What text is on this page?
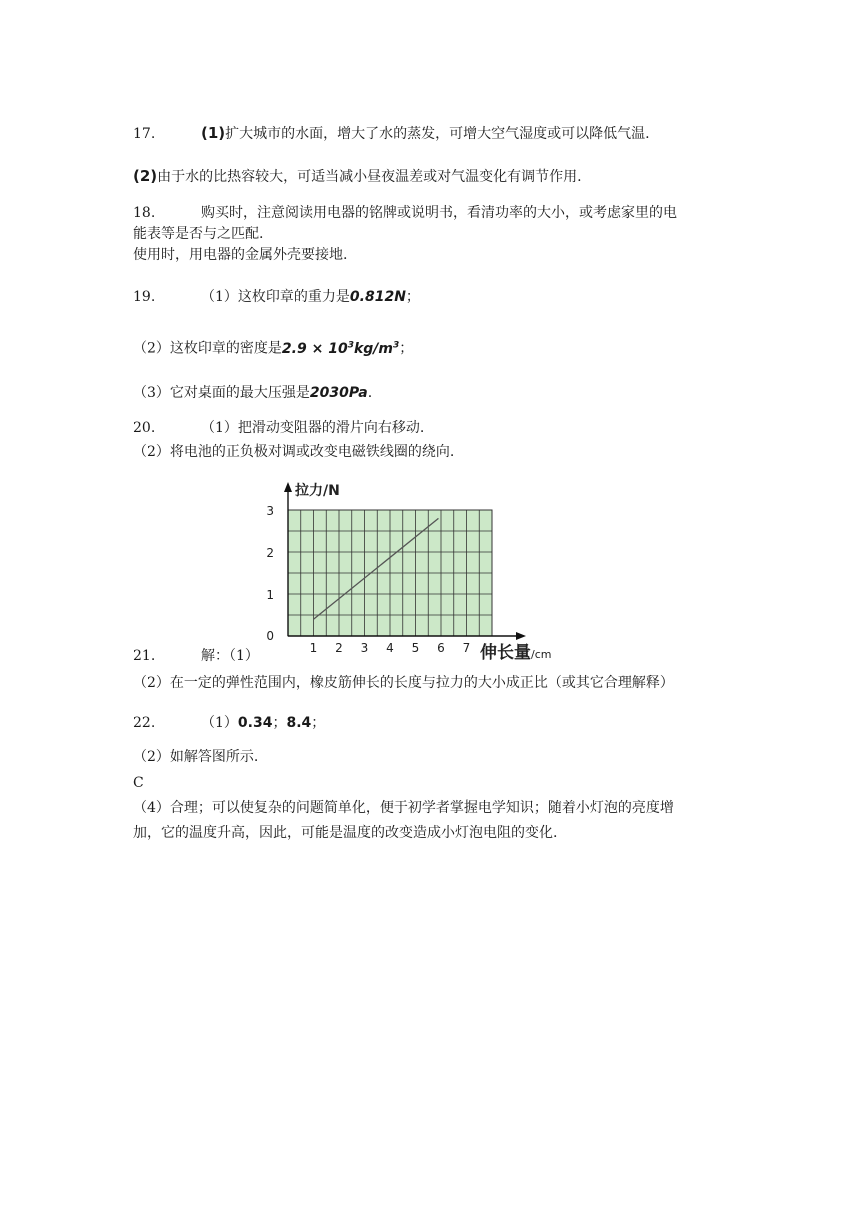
17.	(1)扩大城市的水面，增大了水的蒸发，可增大空气湿度或可以降低气温.
(2)由于水的比热容较大，可适当减小昼夜温差或对气温变化有调节作用.
18.	购买时，注意阅读用电器的铭牌或说明书，看清功率的大小，或考虑家里的电
能表等是否与之匹配.
使用时，用电器的金属外壳要接地.
19.	（1）这枚印章的重力是0.812N；
（2）这枚印章的密度是$2.9 \times 10^3kg/m^3$；
（3）它对桌面的最大压强是2030Pa.
20.	（1）把滑动变阻器的滑片向右移动.
（2）将电池的正负极对调或改变电磁铁线圈的绕向.
1 2 3 4 5 6 7
0
1
2
3
拉力/N
伸长量/cm
21.	解：（1）
（2）在一定的弹性范围内，橡皮筋伸长的长度与拉力的大小成正比（或其它合理解释）
22.	（1）0.34；8.4；
（2）如解答图所示.
C
（4）合理；可以使复杂的问题简单化，便于初学者掌握电学知识；随着小灯泡的亮度增
加，它的温度升高，因此，可能是温度的改变造成小灯泡电阻的变化.
